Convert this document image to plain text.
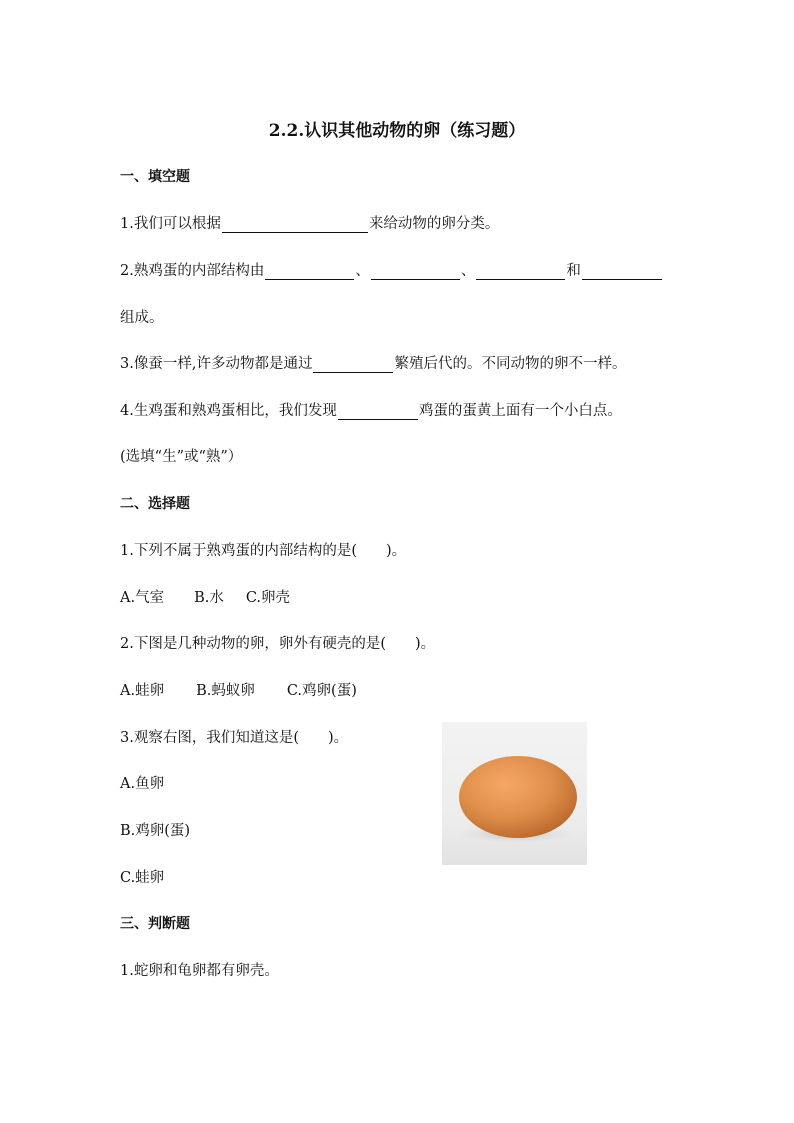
2.2.认识其他动物的卵（练习题）
一、填空题
1.我们可以根据	来给动物的卵分类。
2.熟鸡蛋的内部结构由	、	、	和
组成。
3.像蚕一样,许多动物都是通过	繁殖后代的。不同动物的卵不一样。
4.生鸡蛋和熟鸡蛋相比，我们发现	鸡蛋的蛋黄上面有一个小白点。
(选填“生”或“熟”）
二、选择题
1.下列不属于熟鸡蛋的内部结构的是(　　)。
A.气室 B.水 C.卵壳
2.下图是几种动物的卵，卵外有硬壳的是(　　)。
A.蛙卵 B.蚂蚁卵 C.鸡卵(蛋)
3.观察右图，我们知道这是(　　)。
A.鱼卵
B.鸡卵(蛋)
C.蛙卵
三、判断题
1.蛇卵和龟卵都有卵壳。
